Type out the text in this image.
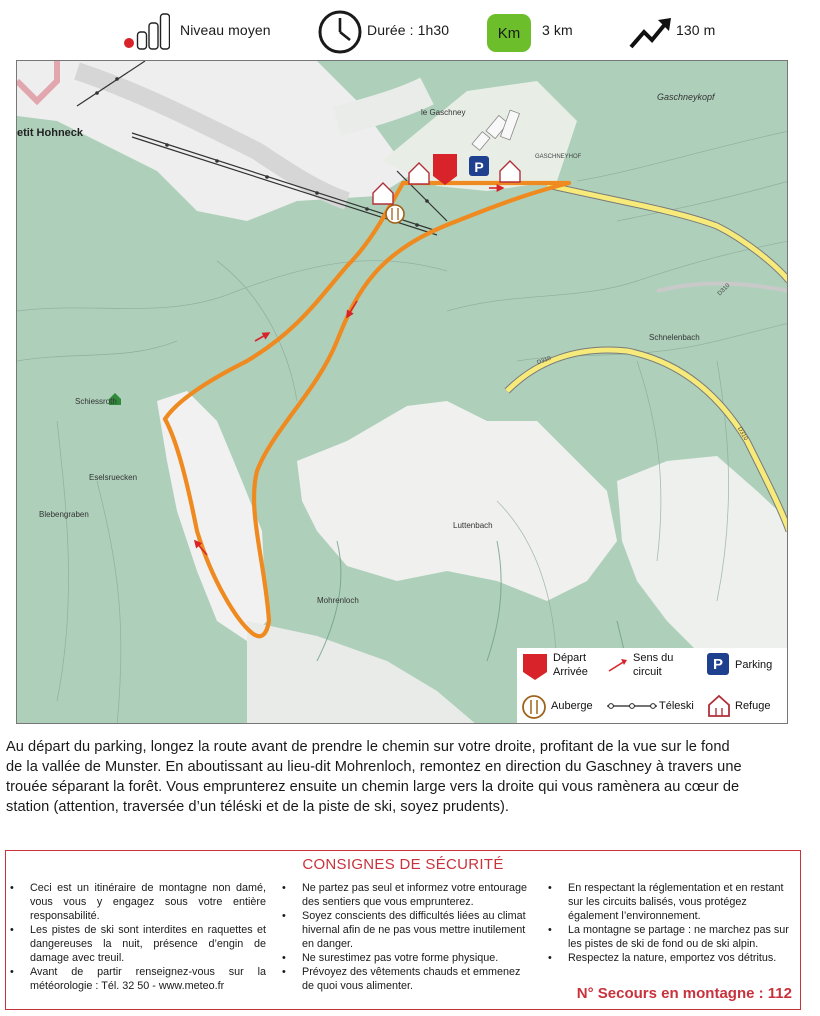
Niveau moyen	Durée : 1h30	Km	3 km	130 m
P
etit Hohneck
le Gaschney
Gaschneykopf
GASCHNEYHOF
Schiessroth
Eselsruecken
Blebengraben
Luttenbach
Mohrenloch
Schnelenbach
D310
D310
D310
Départ
Arrivée
Sens du
circuit	P	Parking
Auberge	Téleski	Refuge
Au départ du parking, longez la route avant de prendre le chemin sur votre droite, profitant de la vue sur le fond
de la vallée de Munster. En aboutissant au lieu-dit Mohrenloch, remontez en direction du Gaschney à travers une
trouée séparant la forêt. Vous emprunterez ensuite un chemin large vers la droite qui vous ramènera au cœur de
station (attention, traversée d’un téléski et de la piste de ski, soyez prudents).
CONSIGNES DE SÉCURITÉ

• Ceci est un itinéraire de montagne non damé, vous vous y engagez sous votre entière responsabilité.

• Les pistes de ski sont interdites en raquettes et dangereuses la nuit, présence d’engin de damage avec treuil.

• Avant de partir renseignez-vous sur la météorologie : Tél. 32 50 - www.meteo.fr

• Ne partez pas seul et informez votre entourage des sentiers que vous emprunterez.

• Soyez conscients des difficultés liées au climat hivernal afin de ne pas vous mettre inutilement en danger.

• Ne surestimez pas votre forme physique.

• Prévoyez des vêtements chauds et emmenez de quoi vous alimenter.

• En respectant la réglementation et en restant sur les circuits balisés, vous protégez également l’environnement.

• La montagne se partage : ne marchez pas sur les pistes de ski de fond ou de ski alpin.

• Respectez la nature, emportez vos détritus.

N° Secours en montagne : 112
